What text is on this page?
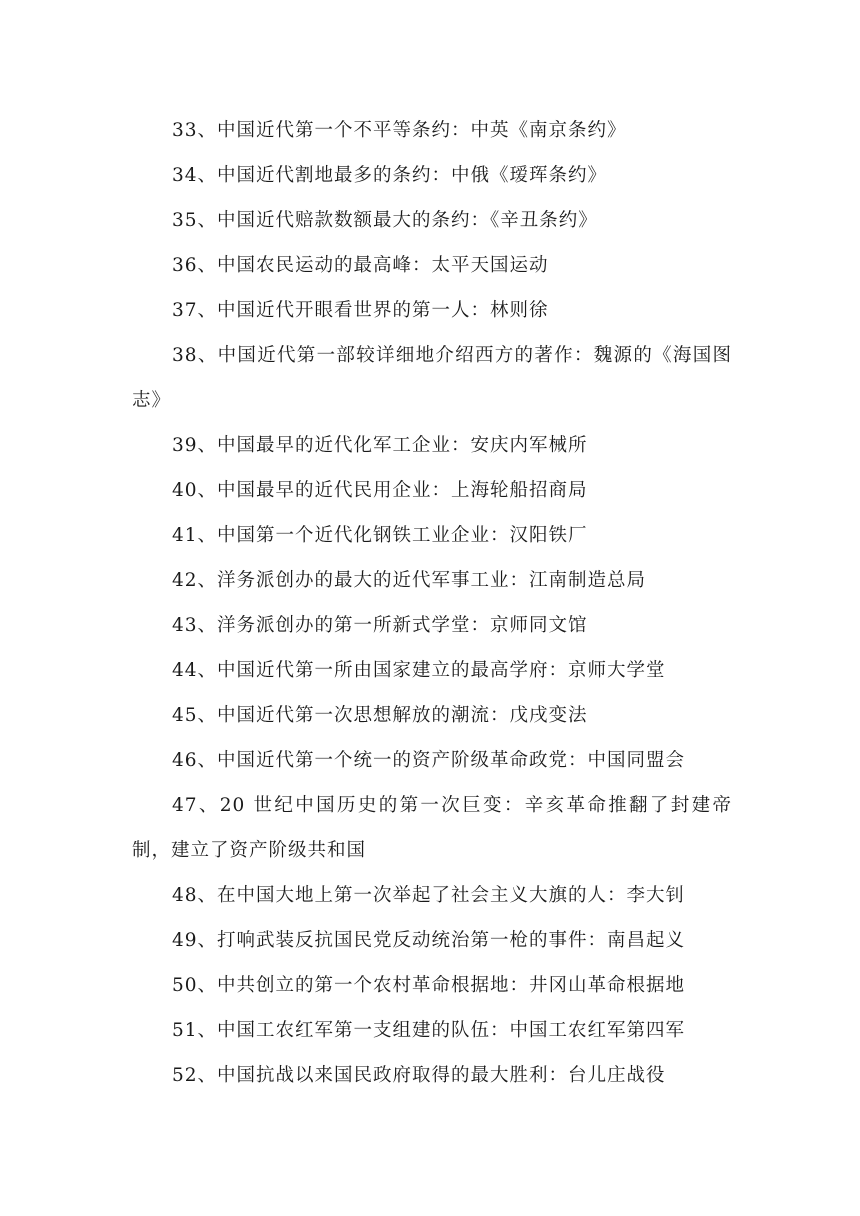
33、中国近代第一个不平等条约：中英《南京条约》

34、中国近代割地最多的条约：中俄《瑷珲条约》

35、中国近代赔款数额最大的条约：《辛丑条约》

36、中国农民运动的最高峰：太平天国运动

37、中国近代开眼看世界的第一人：林则徐

38、中国近代第一部较详细地介绍西方的著作：魏源的《海国图志》

39、中国最早的近代化军工企业：安庆内军械所

40、中国最早的近代民用企业：上海轮船招商局

41、中国第一个近代化钢铁工业企业：汉阳铁厂

42、洋务派创办的最大的近代军事工业：江南制造总局

43、洋务派创办的第一所新式学堂：京师同文馆

44、中国近代第一所由国家建立的最高学府：京师大学堂

45、中国近代第一次思想解放的潮流：戊戌变法

46、中国近代第一个统一的资产阶级革命政党：中国同盟会

47、20 世纪中国历史的第一次巨变：辛亥革命推翻了封建帝制，建立了资产阶级共和国

48、在中国大地上第一次举起了社会主义大旗的人：李大钊

49、打响武装反抗国民党反动统治第一枪的事件：南昌起义

50、中共创立的第一个农村革命根据地：井冈山革命根据地

51、中国工农红军第一支组建的队伍：中国工农红军第四军

52、中国抗战以来国民政府取得的最大胜利：台儿庄战役
